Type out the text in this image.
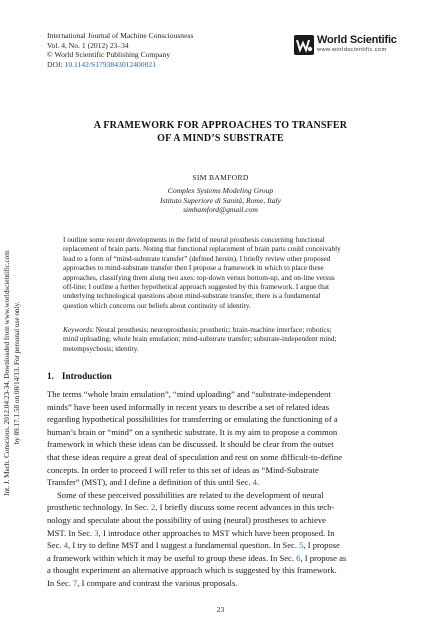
Int. J. Mach. Conscious. 2012.04:23-34. Downloaded from www.worldscientific.com by 89.17.1.58 on 08/14/13. For personal use only.
International Journal of Machine Consciousness
Vol. 4, No. 1 (2012) 23–34
© World Scientific Publishing Company
DOI: 10.1142/S1793843012400021
World Scientific
www.worldscientific.com
A FRAMEWORK FOR APPROACHES TO TRANSFER
OF A MIND’S SUBSTRATE
SIM BAMFORD
Complex Systems Modeling Group
Istituto Superiore di Sanità, Rome, Italy
simbamford@gmail.com
I outline some recent developments in the field of neural prosthesis concerning functional
replacement of brain parts. Noting that functional replacement of brain parts could conceivably
lead to a form of “mind-substrate transfer” (defined herein), I briefly review other proposed
approaches to mind-substrate transfer then I propose a framework in which to place these
approaches, classifying them along two axes: top-down versus bottom-up, and on-line versus
off-line; I outline a further hypothetical approach suggested by this framework. I argue that
underlying technological questions about mind-substrate transfer, there is a fundamental
question which concerns our beliefs about continuity of identity.
Keywords: Neural prosthesis; neuroprosthesis; prosthetic; brain-machine interface; robotics;
mind uploading; whole brain emulation; mind-substrate transfer; substrate-independent mind;
metempsychosis; identity.
1. Introduction
The terms “whole brain emulation”, “mind uploading” and “substrate-independent
minds” have been used informally in recent years to describe a set of related ideas
regarding hypothetical possibilities for transferring or emulating the functioning of a
human’s brain or “mind” on a synthetic substrate. It is my aim to propose a common
framework in which these ideas can be discussed. It should be clear from the outset
that these ideas require a great deal of speculation and rest on some difficult-to-define
concepts. In order to proceed I will refer to this set of ideas as “Mind-Substrate
Transfer” (MST), and I define a definition of this until Sec. 4.
Some of these perceived possibilities are related to the development of neural
prosthetic technology. In Sec. 2, I briefly discuss some recent advances in this tech-
nology and speculate about the possibility of using (neural) prostheses to achieve
MST. In Sec. 3, I introduce other approaches to MST which have been proposed. In
Sec. 4, I try to define MST and I suggest a fundamental question. In Sec. 5, I propose
a framework within which it may be useful to group these ideas. In Sec. 6, I propose as
a thought experiment an alternative approach which is suggested by this framework.
In Sec. 7, I compare and contrast the various proposals.
23
